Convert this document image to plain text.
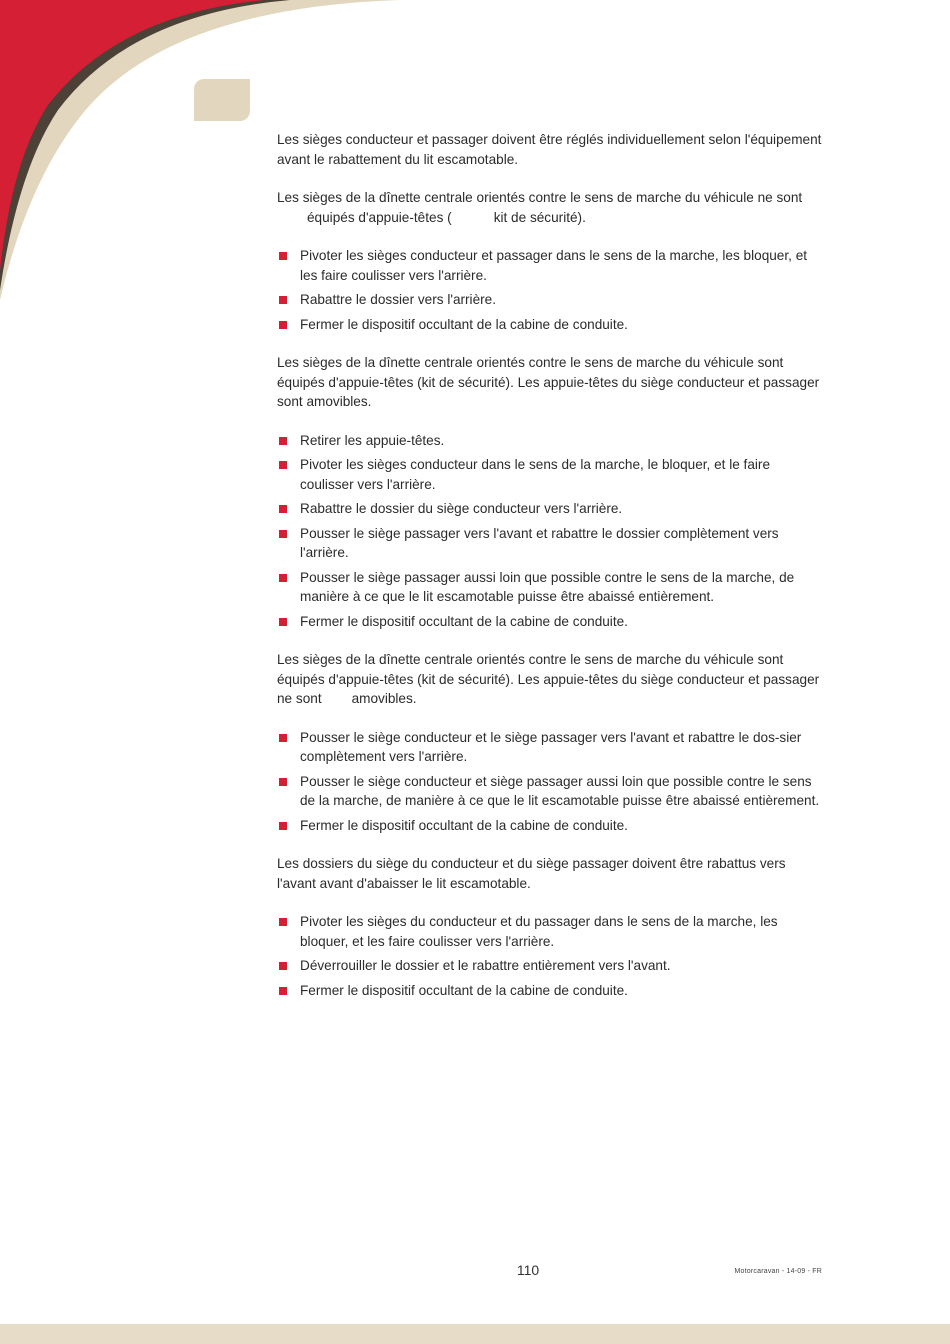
Les sièges conducteur et passager doivent être réglés individuellement selon l'équipement avant le rabattement du lit escamotable.

Les sièges de la dînette centrale orientés contre le sens de marche du véhicule ne sontéquipés d'appuie-têtes (	kit de sécurité).

Pivoter les sièges conducteur et passager dans le sens de la marche, les bloquer, et les faire coulisser vers l'arrière.
Rabattre le dossier vers l'arrière.
Fermer le dispositif occultant de la cabine de conduite.

Les sièges de la dînette centrale orientés contre le sens de marche du véhicule sont équipés d'appuie-têtes (kit de sécurité). Les appuie-têtes du siège conducteur et passager sont amovibles.

Retirer les appuie-têtes.
Pivoter les sièges conducteur dans le sens de la marche, le bloquer, et le faire coulisser vers l'arrière.
Rabattre le dossier du siège conducteur vers l'arrière.
Pousser le siège passager vers l'avant et rabattre le dossier complètement vers l'arrière.
Pousser le siège passager aussi loin que possible contre le sens de la marche, de manière à ce que le lit escamotable puisse être abaissé entièrement.
Fermer le dispositif occultant de la cabine de conduite.

Les sièges de la dînette centrale orientés contre le sens de marche du véhicule sont équipés d'appuie-têtes (kit de sécurité). Les appuie-têtes du siège conducteur et passager ne sont amovibles.

Pousser le siège conducteur et le siège passager vers l'avant et rabattre le dos-sier complètement vers l'arrière.
Pousser le siège conducteur et siège passager aussi loin que possible contre le sens de la marche, de manière à ce que le lit escamotable puisse être abaissé entièrement.
Fermer le dispositif occultant de la cabine de conduite.

Les dossiers du siège du conducteur et du siège passager doivent être rabattus vers l'avant avant d'abaisser le lit escamotable.

Pivoter les sièges du conducteur et du passager dans le sens de la marche, les bloquer, et les faire coulisser vers l'arrière.
Déverrouiller le dossier et le rabattre entièrement vers l'avant.
Fermer le dispositif occultant de la cabine de conduite.
110	Motorcaravan - 14-09 - FR
